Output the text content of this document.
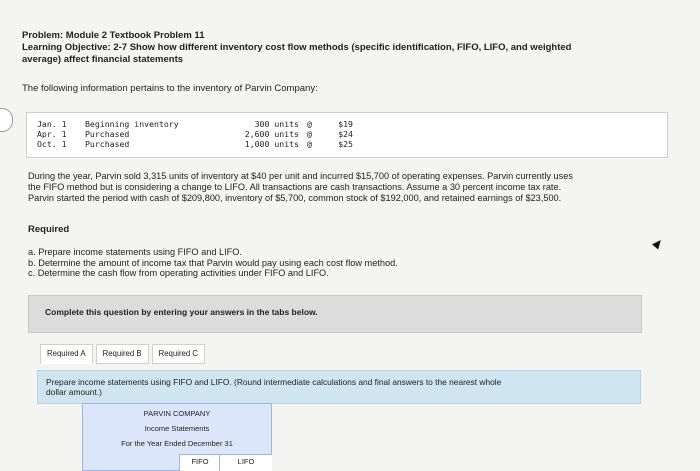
Problem: Module 2 Textbook Problem 11
Learning Objective: 2-7 Show how different inventory cost flow methods (specific identification, FIFO, LIFO, and weighted
average) affect financial statements
The following information pertains to the inventory of Parvin Company:
Jan. 1 Beginning inventory	300 units @	$19
Apr. 1 Purchased	2,600 units @	$24
Oct. 1 Purchased	1,000 units @	$25
During the year, Parvin sold 3,315 units of inventory at $40 per unit and incurred $15,700 of operating expenses. Parvin currently uses
the FIFO method but is considering a change to LIFO. All transactions are cash transactions. Assume a 30 percent income tax rate.
Parvin started the period with cash of $209,800, inventory of $5,700, common stock of $192,000, and retained earnings of $23,500.
Required
a. Prepare income statements using FIFO and LIFO.
b. Determine the amount of income tax that Parvin would pay using each cost flow method.
c. Determine the cash flow from operating activities under FIFO and LIFO.
Complete this question by entering your answers in the tabs below.
Required A	Required B	Required C
Prepare income statements using FIFO and LIFO. (Round intermediate calculations and final answers to the nearest whole
dollar amount.)
PARVIN COMPANY
Income Statements
For the Year Ended December 31
FIFO	LIFO
